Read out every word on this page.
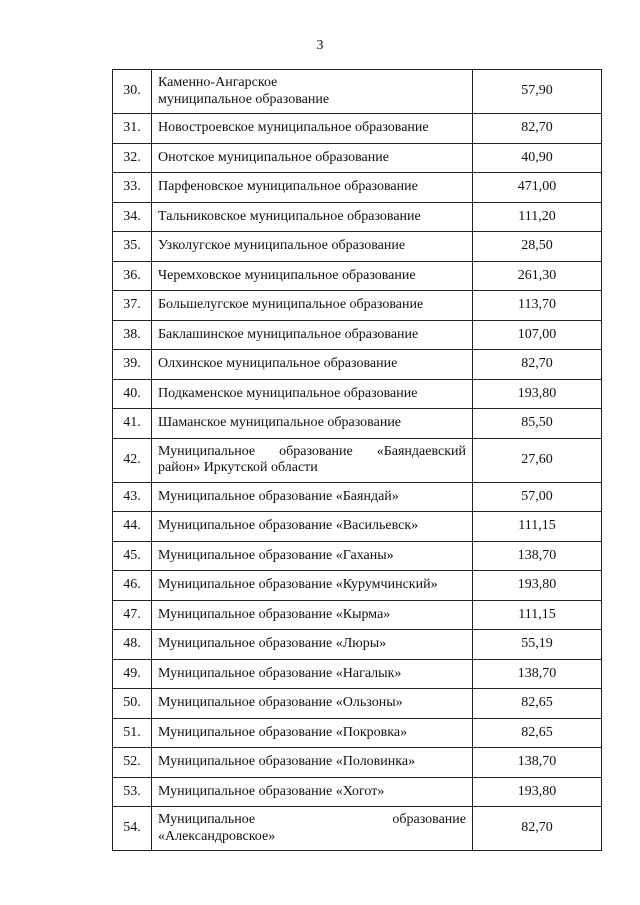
3
30.	Каменно-Ангарское
муниципальное образование	57,90
31.	Новостроевское муниципальное образование	82,70
32.	Онотское муниципальное образование	40,90
33.	Парфеновское муниципальное образование	471,00
34.	Тальниковское муниципальное образование	111,20
35.	Узколугское муниципальное образование	28,50
36.	Черемховское муниципальное образование	261,30
37.	Большелугское муниципальное образование	113,70
38.	Баклашинское муниципальное образование	107,00
39.	Олхинское муниципальное образование	82,70
40.	Подкаменское муниципальное образование	193,80
41.	Шаманское муниципальное образование	85,50
42.	Муниципальное образование «Баяндаевский
район» Иркутской области	27,60
43.	Муниципальное образование «Баяндай»	57,00
44.	Муниципальное образование «Васильевск»	111,15
45.	Муниципальное образование «Гаханы»	138,70
46.	Муниципальное образование «Курумчинский»	193,80
47.	Муниципальное образование «Кырма»	111,15
48.	Муниципальное образование «Люры»	55,19
49.	Муниципальное образование «Нагалык»	138,70
50.	Муниципальное образование «Ользоны»	82,65
51.	Муниципальное образование «Покровка»	82,65
52.	Муниципальное образование «Половинка»	138,70
53.	Муниципальное образование «Хогот»	193,80
54.	Муниципальное образование
«Александровское»	82,70
